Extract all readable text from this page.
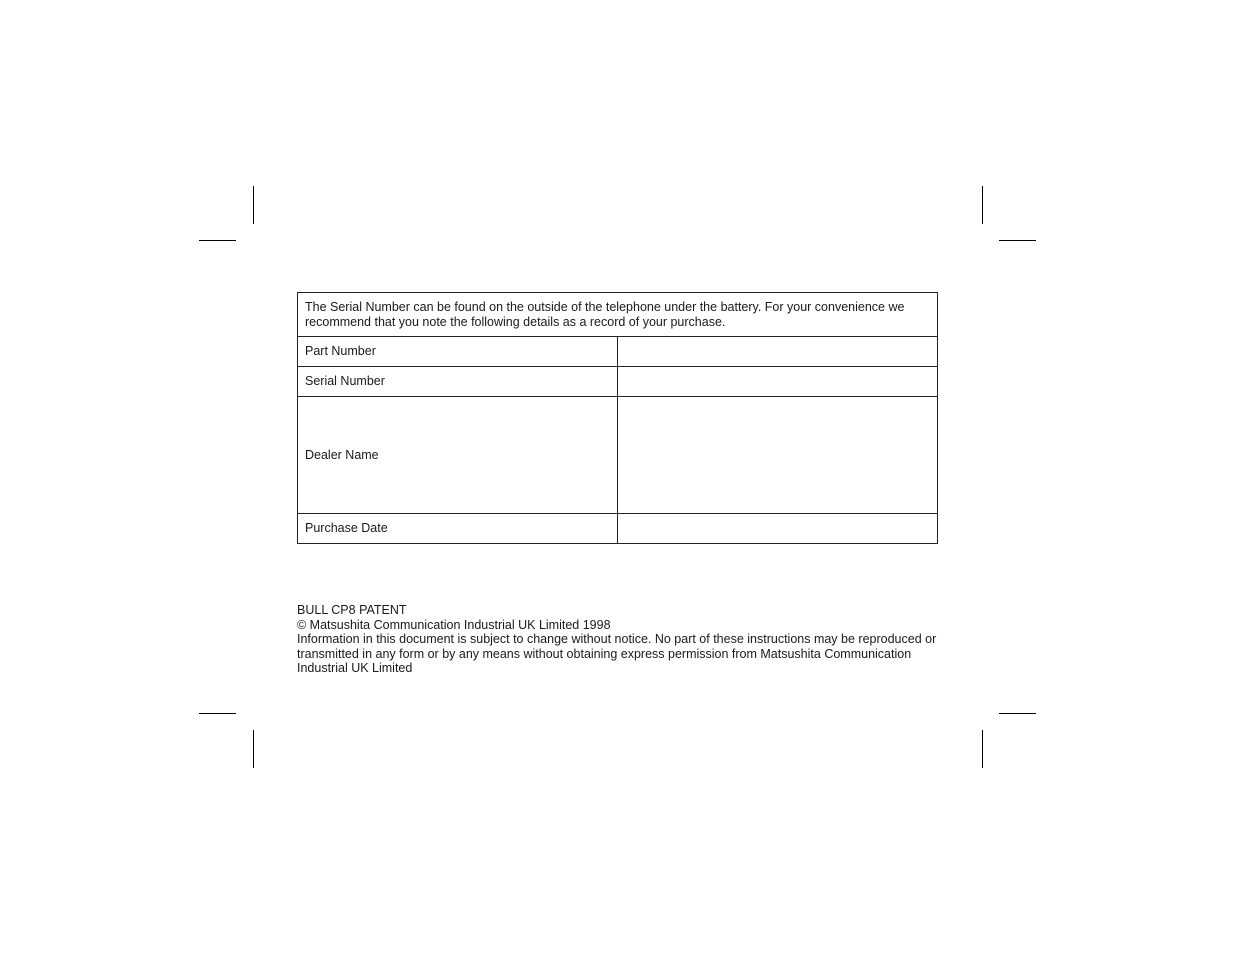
The Serial Number can be found on the outside of the telephone under the battery. For your convenience we recommend that you note the following details as a record of your purchase.	
Part Number	
Serial Number	
Dealer Name	
Purchase Date	

BULL CP8 PATENT

© Matsushita Communication Industrial UK Limited 1998

Information in this document is subject to change without notice. No part of these instructions may be reproduced or transmitted in any form or by any means without obtaining express permission from Matsushita Communication Industrial UK Limited
